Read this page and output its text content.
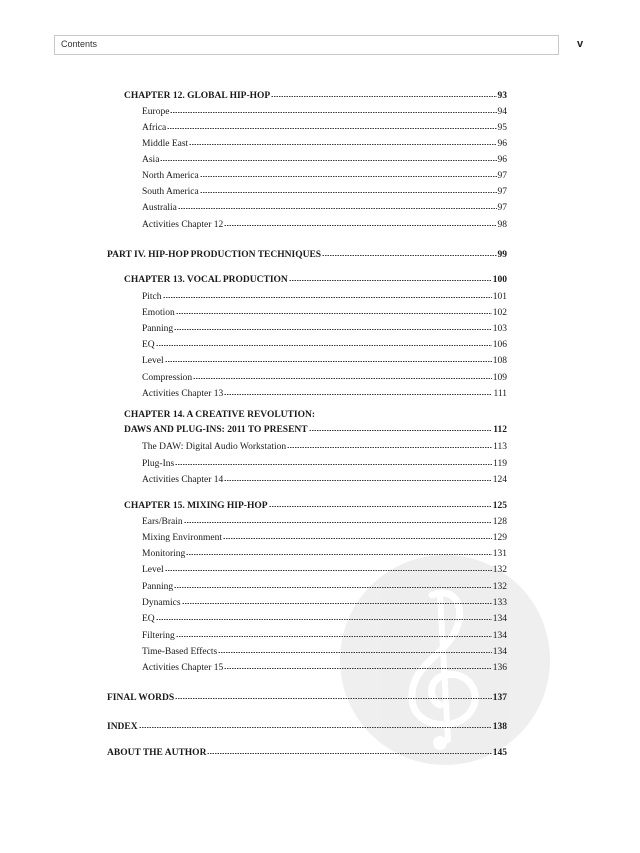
Contents	v
CHAPTER 12. GLOBAL HIP-HOP	93
Europe	94
Africa	95
Middle East	96
Asia	96
North America	97
South America	97
Australia	97
Activities Chapter 12	98
PART IV. HIP-HOP PRODUCTION TECHNIQUES	99
CHAPTER 13. VOCAL PRODUCTION	100
Pitch	101
Emotion	102
Panning	103
EQ	106
Level	108
Compression	109
Activities Chapter 13	111
CHAPTER 14. A CREATIVE REVOLUTION:
DAWS AND PLUG-INS: 2011 TO PRESENT	112
The DAW: Digital Audio Workstation	113
Plug-Ins	119
Activities Chapter 14	124
CHAPTER 15. MIXING HIP-HOP	125
Ears/Brain	128
Mixing Environment	129
Monitoring	131
Level	132
Panning	132
Dynamics	133
EQ	134
Filtering	134
Time-Based Effects	134
Activities Chapter 15	136
FINAL WORDS	137
INDEX	138
ABOUT THE AUTHOR	145
